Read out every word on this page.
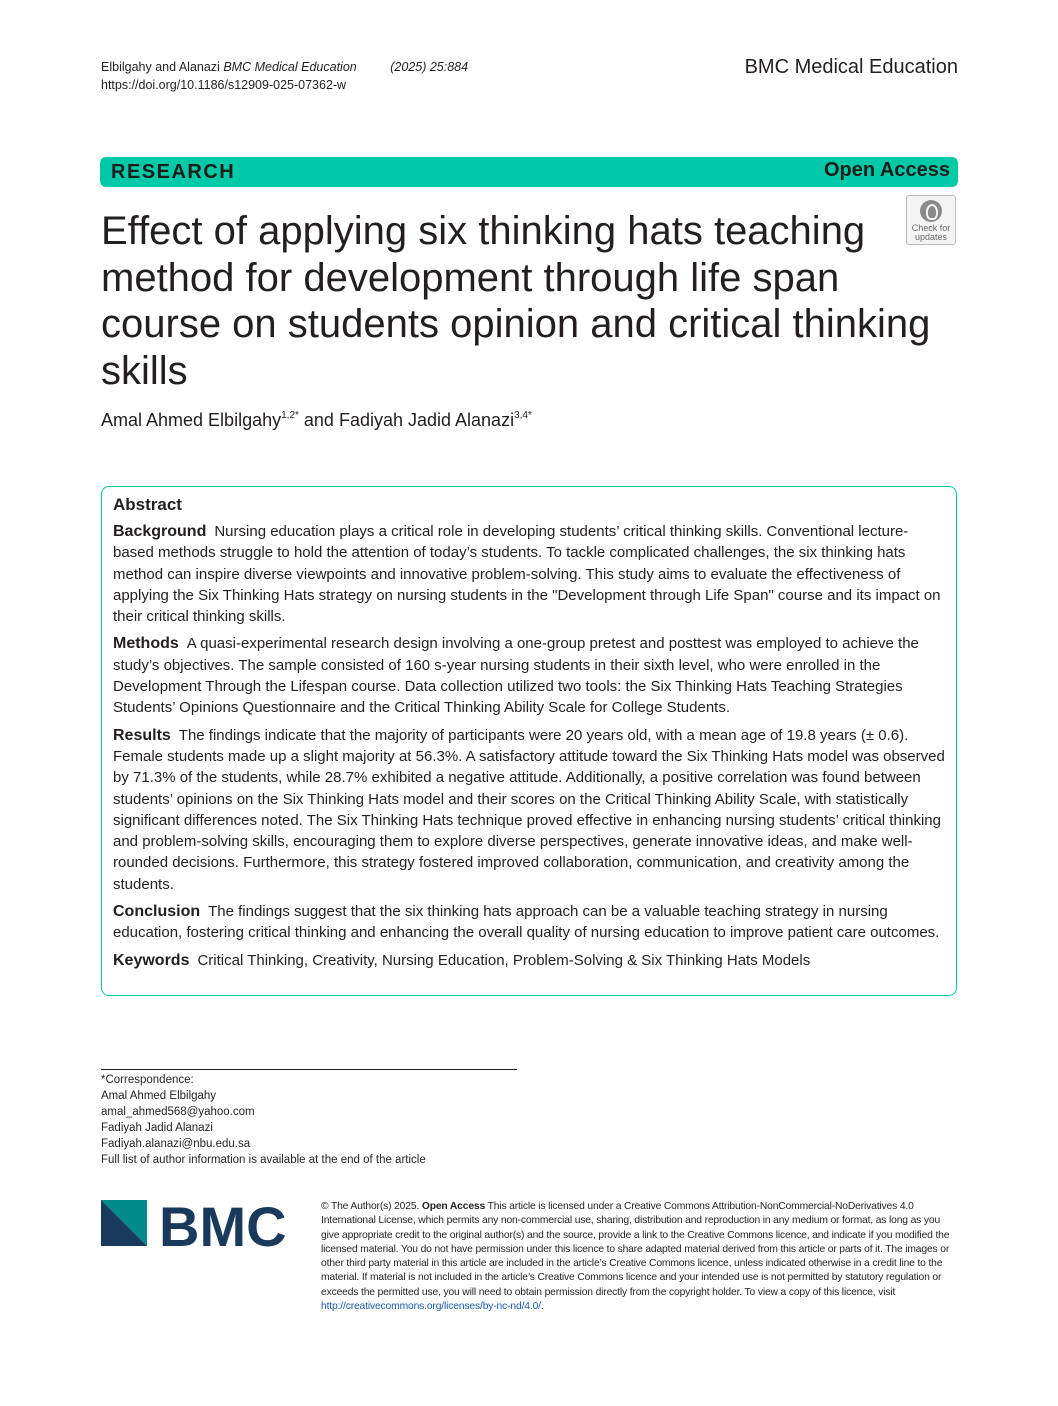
Elbilgahy and Alanazi BMC Medical Education	(2025) 25:884
https://doi.org/10.1186/s12909-025-07362-w
BMC Medical Education
RESEARCH	Open Access
Effect of applying six thinking hats teaching method for development through life span course on students opinion and critical thinking skills
Check for
updates
Amal Ahmed Elbilgahy$^{1,2*}$ and Fadiyah Jadid Alanazi$^{3,4*}$
Abstract

Background Nursing education plays a critical role in developing students’ critical thinking skills. Conventional lecture-based methods struggle to hold the attention of today’s students. To tackle complicated challenges, the six thinking hats method can inspire diverse viewpoints and innovative problem-solving. This study aims to evaluate the effectiveness of applying the Six Thinking Hats strategy on nursing students in the "Development through Life Span" course and its impact on their critical thinking skills.

Methods A quasi-experimental research design involving a one-group pretest and posttest was employed to achieve the study’s objectives. The sample consisted of 160 s-year nursing students in their sixth level, who were enrolled in the Development Through the Lifespan course. Data collection utilized two tools: the Six Thinking Hats Teaching Strategies Students’ Opinions Questionnaire and the Critical Thinking Ability Scale for College Students.

Results The findings indicate that the majority of participants were 20 years old, with a mean age of 19.8 years (± 0.6). Female students made up a slight majority at 56.3%. A satisfactory attitude toward the Six Thinking Hats model was observed by 71.3% of the students, while 28.7% exhibited a negative attitude. Additionally, a positive correlation was found between students’ opinions on the Six Thinking Hats model and their scores on the Critical Thinking Ability Scale, with statistically significant differences noted. The Six Thinking Hats technique proved effective in enhancing nursing students’ critical thinking and problem-solving skills, encouraging them to explore diverse perspectives, generate innovative ideas, and make well-rounded decisions. Furthermore, this strategy fostered improved collaboration, communication, and creativity among the students.

Conclusion The findings suggest that the six thinking hats approach can be a valuable teaching strategy in nursing education, fostering critical thinking and enhancing the overall quality of nursing education to improve patient care outcomes.

Keywords Critical Thinking, Creativity, Nursing Education, Problem-Solving & Six Thinking Hats Models

*Correspondence:
Amal Ahmed Elbilgahy
amal_ahmed568@yahoo.com
Fadiyah Jadid Alanazi
Fadiyah.alanazi@nbu.edu.sa
Full list of author information is available at the end of the article
BMC	© The Author(s) 2025. Open Access This article is licensed under a Creative Commons Attribution-NonCommercial-NoDerivatives 4.0 International License, which permits any non-commercial use, sharing, distribution and reproduction in any medium or format, as long as you give appropriate credit to the original author(s) and the source, provide a link to the Creative Commons licence, and indicate if you modified the licensed material. You do not have permission under this licence to share adapted material derived from this article or parts of it. The images or other third party material in this article are included in the article’s Creative Commons licence, unless indicated otherwise in a credit line to the material. If material is not included in the article’s Creative Commons licence and your intended use is not permitted by statutory regulation or exceeds the permitted use, you will need to obtain permission directly from the copyright holder. To view a copy of this licence, visit http://creativecommons.org/licenses/by-nc-nd/4.0/.
